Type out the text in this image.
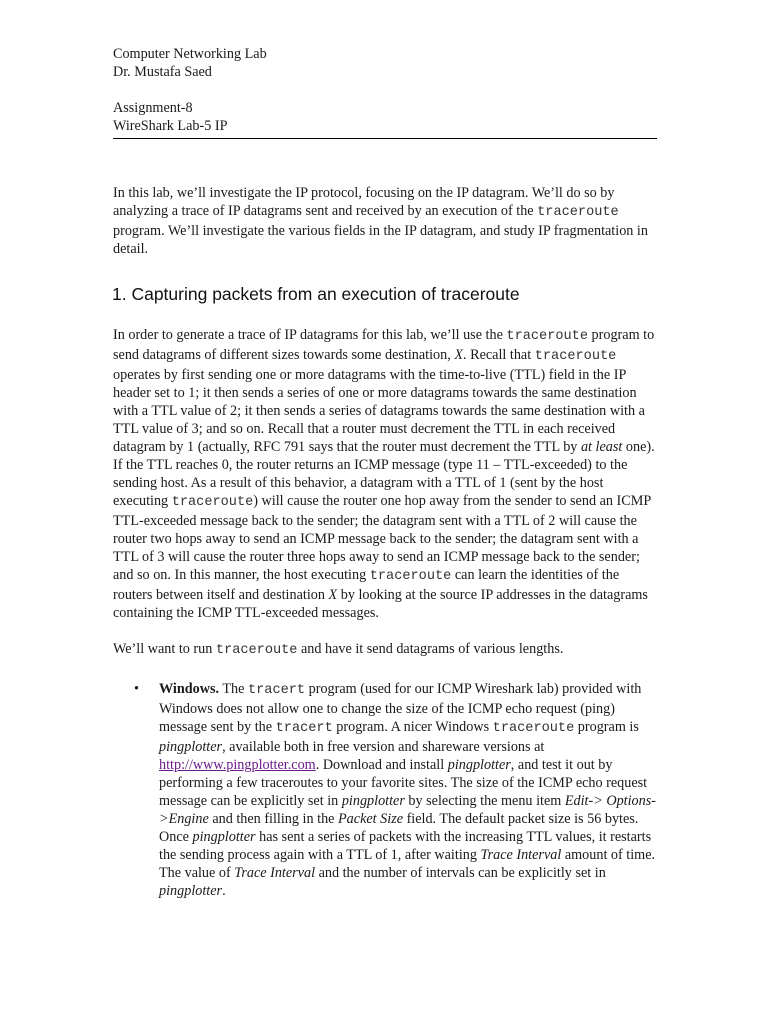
Computer Networking Lab

Dr. Mustafa Saed

Assignment-8

WireShark Lab-5 IP

In this lab, we’ll investigate the IP protocol, focusing on the IP datagram. We’ll do so by analyzing a trace of IP datagrams sent and received by an execution of the traceroute program. We’ll investigate the various fields in the IP datagram, and study IP fragmentation in detail.

1. Capturing packets from an execution of traceroute

In order to generate a trace of IP datagrams for this lab, we’ll use the traceroute program to send datagrams of different sizes towards some destination, X. Recall that traceroute operates by first sending one or more datagrams with the time-to-live (TTL) field in the IP header set to 1; it then sends a series of one or more datagrams towards the same destination with a TTL value of 2; it then sends a series of datagrams towards the same destination with a TTL value of 3; and so on. Recall that a router must decrement the TTL in each received datagram by 1 (actually, RFC 791 says that the router must decrement the TTL by at least one). If the TTL reaches 0, the router returns an ICMP message (type 11 – TTL-exceeded) to the sending host. As a result of this behavior, a datagram with a TTL of 1 (sent by the host executing traceroute) will cause the router one hop away from the sender to send an ICMP TTL-exceeded message back to the sender; the datagram sent with a TTL of 2 will cause the router two hops away to send an ICMP message back to the sender; the datagram sent with a TTL of 3 will cause the router three hops away to send an ICMP message back to the sender; and so on. In this manner, the host executing traceroute can learn the identities of the routers between itself and destination X by looking at the source IP addresses in the datagrams containing the ICMP TTL-exceeded messages.

We’ll want to run traceroute and have it send datagrams of various lengths.

• Windows. The tracert program (used for our ICMP Wireshark lab) provided with Windows does not allow one to change the size of the ICMP echo request (ping) message sent by the tracert program. A nicer Windows traceroute program is pingplotter, available both in free version and shareware versions at http://www.pingplotter.com. Download and install pingplotter, and test it out by performing a few traceroutes to your favorite sites. The size of the ICMP echo request message can be explicitly set in pingplotter by selecting the menu item Edit-> Options->Engine and then filling in the Packet Size field. The default packet size is 56 bytes. Once pingplotter has sent a series of packets with the increasing TTL values, it restarts the sending process again with a TTL of 1, after waiting Trace Interval amount of time. The value of Trace Interval and the number of intervals can be explicitly set in pingplotter.
